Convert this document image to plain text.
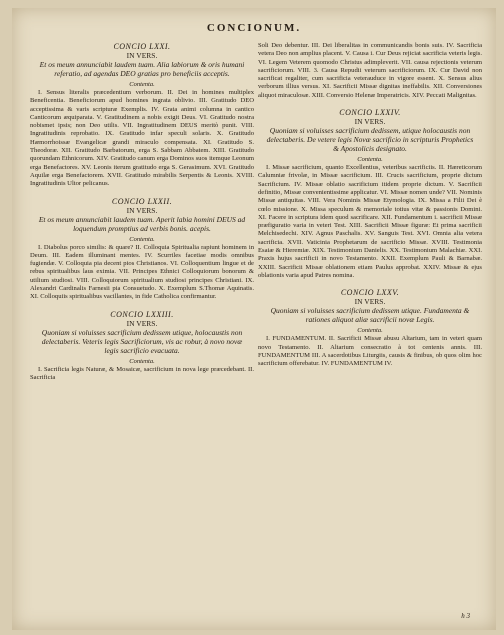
CONCIONUM.
CONCIO LXXI.
IN VERS.
Et os meum annunciabit laudem tuam. Alia labiorum & oris humani referatio, ad agendas DEO gratias pro beneficiis acceptis.
Contenta.
I. Sensus literalis præcedentium verborum. II. Dei in homines multiplex Beneficentia. Beneficiorum apud homines ingrata obliviо. III. Gratitudo DEO acceptissima & varis scripturæ Exemplis. IV. Grata animi columna in cantico Canticorum æquiparata. V. Gratitudinem a nobis exigit Deus. VI. Gratitudo nostra nobismet ipsis; non Deo utilis. VII. Ingratitudinem DEUS meritò punit. VIII. Ingratitudinis reprobatio. IX. Gratitudo infar speculi solaris. X. Gratitudo Hæmorrhoissæ Evangelicæ grandi miraculo compensata. XI. Gratitudo S. Theodoræ. XII. Gratitudo Barbatorum, erga S. Sabbam Abbatem. XIII. Gratitudo quorundam Ethnicorum. XIV. Gratitudo canum erga Dominos suos itemque Leonum erga Benefactores. XV. Leonis iterum gratitudo erga S. Gerasimum. XVI. Gratitudo Aquilæ erga Benefactorem. XVII. Gratitudo mirabilis Serpentis & Leonis. XVIII. Ingratitudinis Ultor pelicanus.
CONCIO LXXII.
IN VERS.
Et os meum annunciabit laudem tuam. Aperit labia homini DEUS ad loquendum promptius ad verbis bonis. acepis.
Contenta.
I. Diabolus porco similis: & quare? II. Colloquia Spiritualia rapiunt hominem in Deum. III. Eadem illuminant mentes. IV. Scurriles facetiae modis omnibus fugiendæ. V. Colloquia piа decent pios Christianos. VI. Colloquentium lingue et de rebus spiritualibus laus eximia. VII. Principes Ethnici Colloquiorum bonorum & utilium studiosi. VIII. Colloquiorum spiritualium studiosi principes Christiani. IX. Alexandri Cardinalis Farnesii pia Consuetudo. X. Exemplum S.Thomæ Aquinatis. XI. Colloquiis spiritualibus vacillantes, in fide Catholica confirmantur.
CONCIO LXXIII.
IN VERS.
Quoniam si voluisses sacrificium dedissem utique, holocaustis non delectaberis. Veteris legis Sacrificiorum, vis ac robur, à novo novæ legis sacrificio evacuata.
Contenta.
I. Sacrificia legis Naturæ, & Mosaicæ, sacrificium in nova lege præcedebant. II. Sacrificia
Soli Deo debentur. III. Dei liberalitas in communicandis bonis suis. IV. Sacrificia vetera Deo non amplius placent. V. Causa i. Cur Deus rejiciat sacrificia veteris legis. VI. Legem Veterem quomodo Christus adimpleverit. VII. causa rejectionis veterum sacrificiorum. VIII. 3. Causa Repudii veterum sacrificiorum. IX. Cur David non sacrificat regaliter, cum sacrificia veterauduce in vigore essent. X. Sensus alius verborum illius versus. XI. Sacrificii Missæ dignitas ineffabilis. XII. Conversiones aliquot miraculosæ. XIII. Conversio Helenæ Imperatricis. XIV. Peccati Malignitas.
CONCIO LXXIV.
IN VERS.
Quoniam si voluisses sacrificium dedissem, utique holocaustis non delectaberis. De vetere legis Novæ sacrificio in scripturis Prophetics & Apostolicis designato.
Contenta.
I. Missæ sacrificium, quanto Excellentius, veteribus sacrificiis. II. Hæreticorum Calumniæ frivolæ, in Missæ sacrificium. III. Crucis sacrificium, proprie dictum Sacrificium. IV. Missæ oblatio sacrificium itidem proprie dictum. V. Sacrificii definitio, Missæ convenientissime applicatur. VI. Missæ nomen unde? VII. Nominis Missæ antiquitas. VIII. Vera Nominis Missæ Etymologia. IX. Missa a Filii Dei è cœlo missione. X. Missa speculum & memoriale totius vitæ & passionis Domini. XI. Facere in scriptura idem quod sacrificare. XII. Fundamentum i. sacrificii Missæ præfiguratio varia in veteri Test. XIII. Sacrificii Missæ figuræ: Et prima sacrificii Melchisedechi. XIV. Agnus Paschalis. XV. Sanguis Test. XVI. Omnia alia vetera sacrificia. XVII. Vaticinia Prophetarum de sacrificio Missæ. XVIII. Testimonia Esaiæ & Hieremiæ. XIX. Testimonium Danielis. XX. Testimonium Malachiæ. XXI. Praxis hujus sacrificii in novo Testamento. XXII. Exemplum Pauli & Barnabæ. XXIII. Sacrificii Missæ oblationem etiam Paulus approbat. XXIV. Missæ & ejus oblationis varia apud Patres nomina.
CONCIO LXXV.
IN VERS.
Quoniam si voluisses sacrificium dedissem utique. Fundamenta & rationes aliquot aliæ sacrificii novæ Legis.
Contenta.
I. FUNDAMENTUM. II. Sacrificii Missæ abusu Altarium, tam in veteri quam novo Testamento. II. Altarium consecratio à tot centenis annis. III. FUNDAMENTUM III. A sacerdotibus Liturgiis, causis & finibus, ob quos olim hoc sacrificium offerebatur. IV. FUNDAMENTUM IV.
h 3
